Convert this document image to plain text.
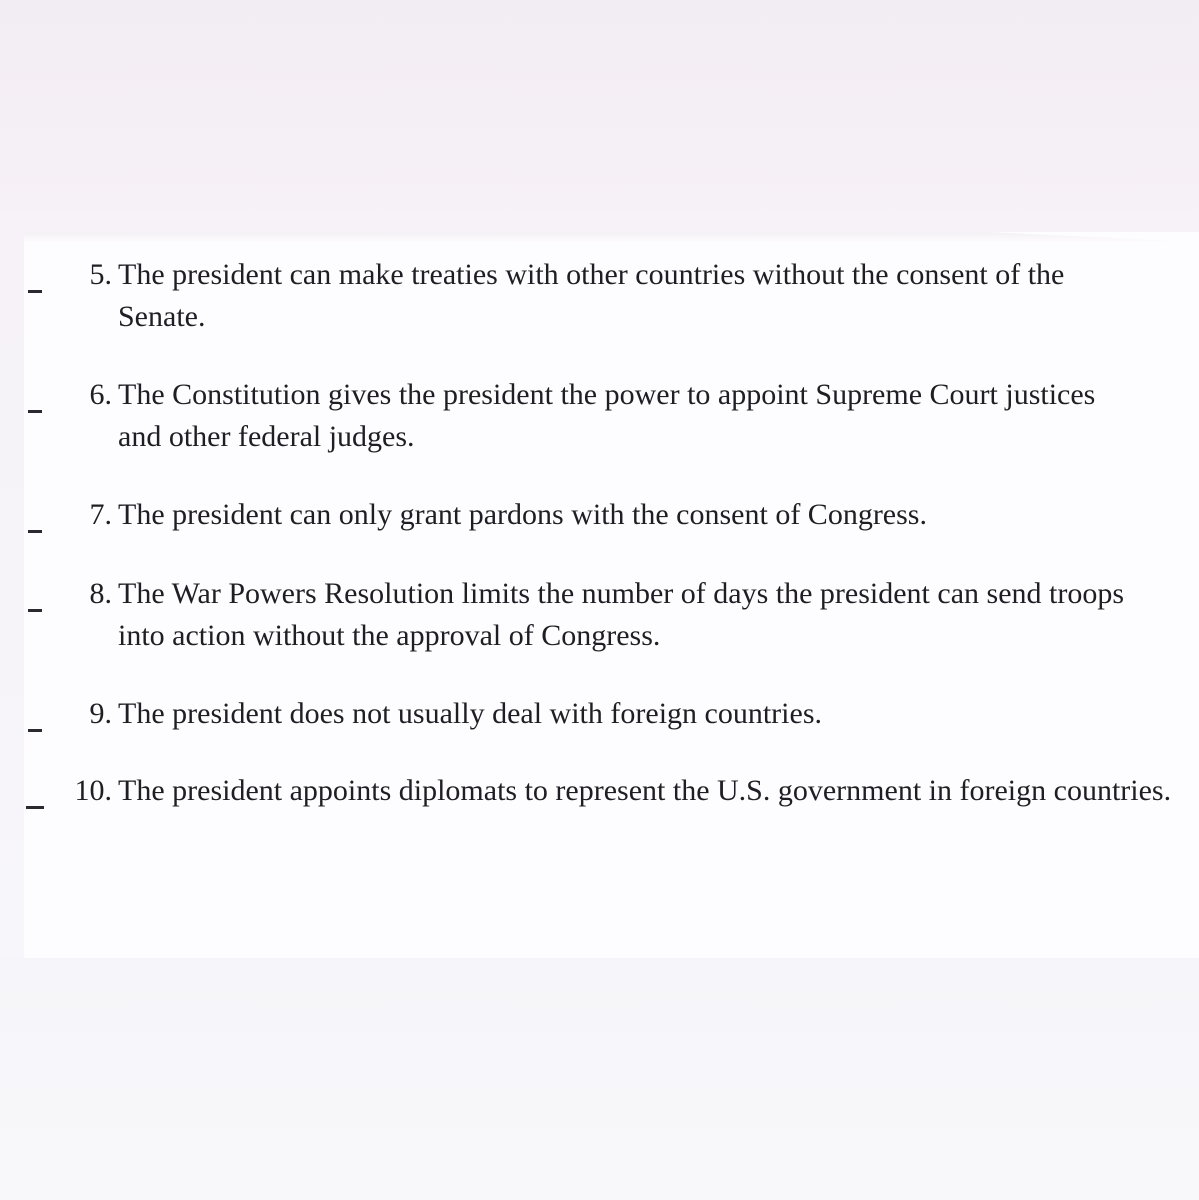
5. The president can make treaties with other countries without the consent of the Senate.
6. The Constitution gives the president the power to appoint Supreme Court justices and other federal judges.
7. The president can only grant pardons with the consent of Congress.
8. The War Powers Resolution limits the number of days the president can send troops into action without the approval of Congress.
9. The president does not usually deal with foreign countries.
10. The president appoints diplomats to represent the U.S. government in foreign countries.
